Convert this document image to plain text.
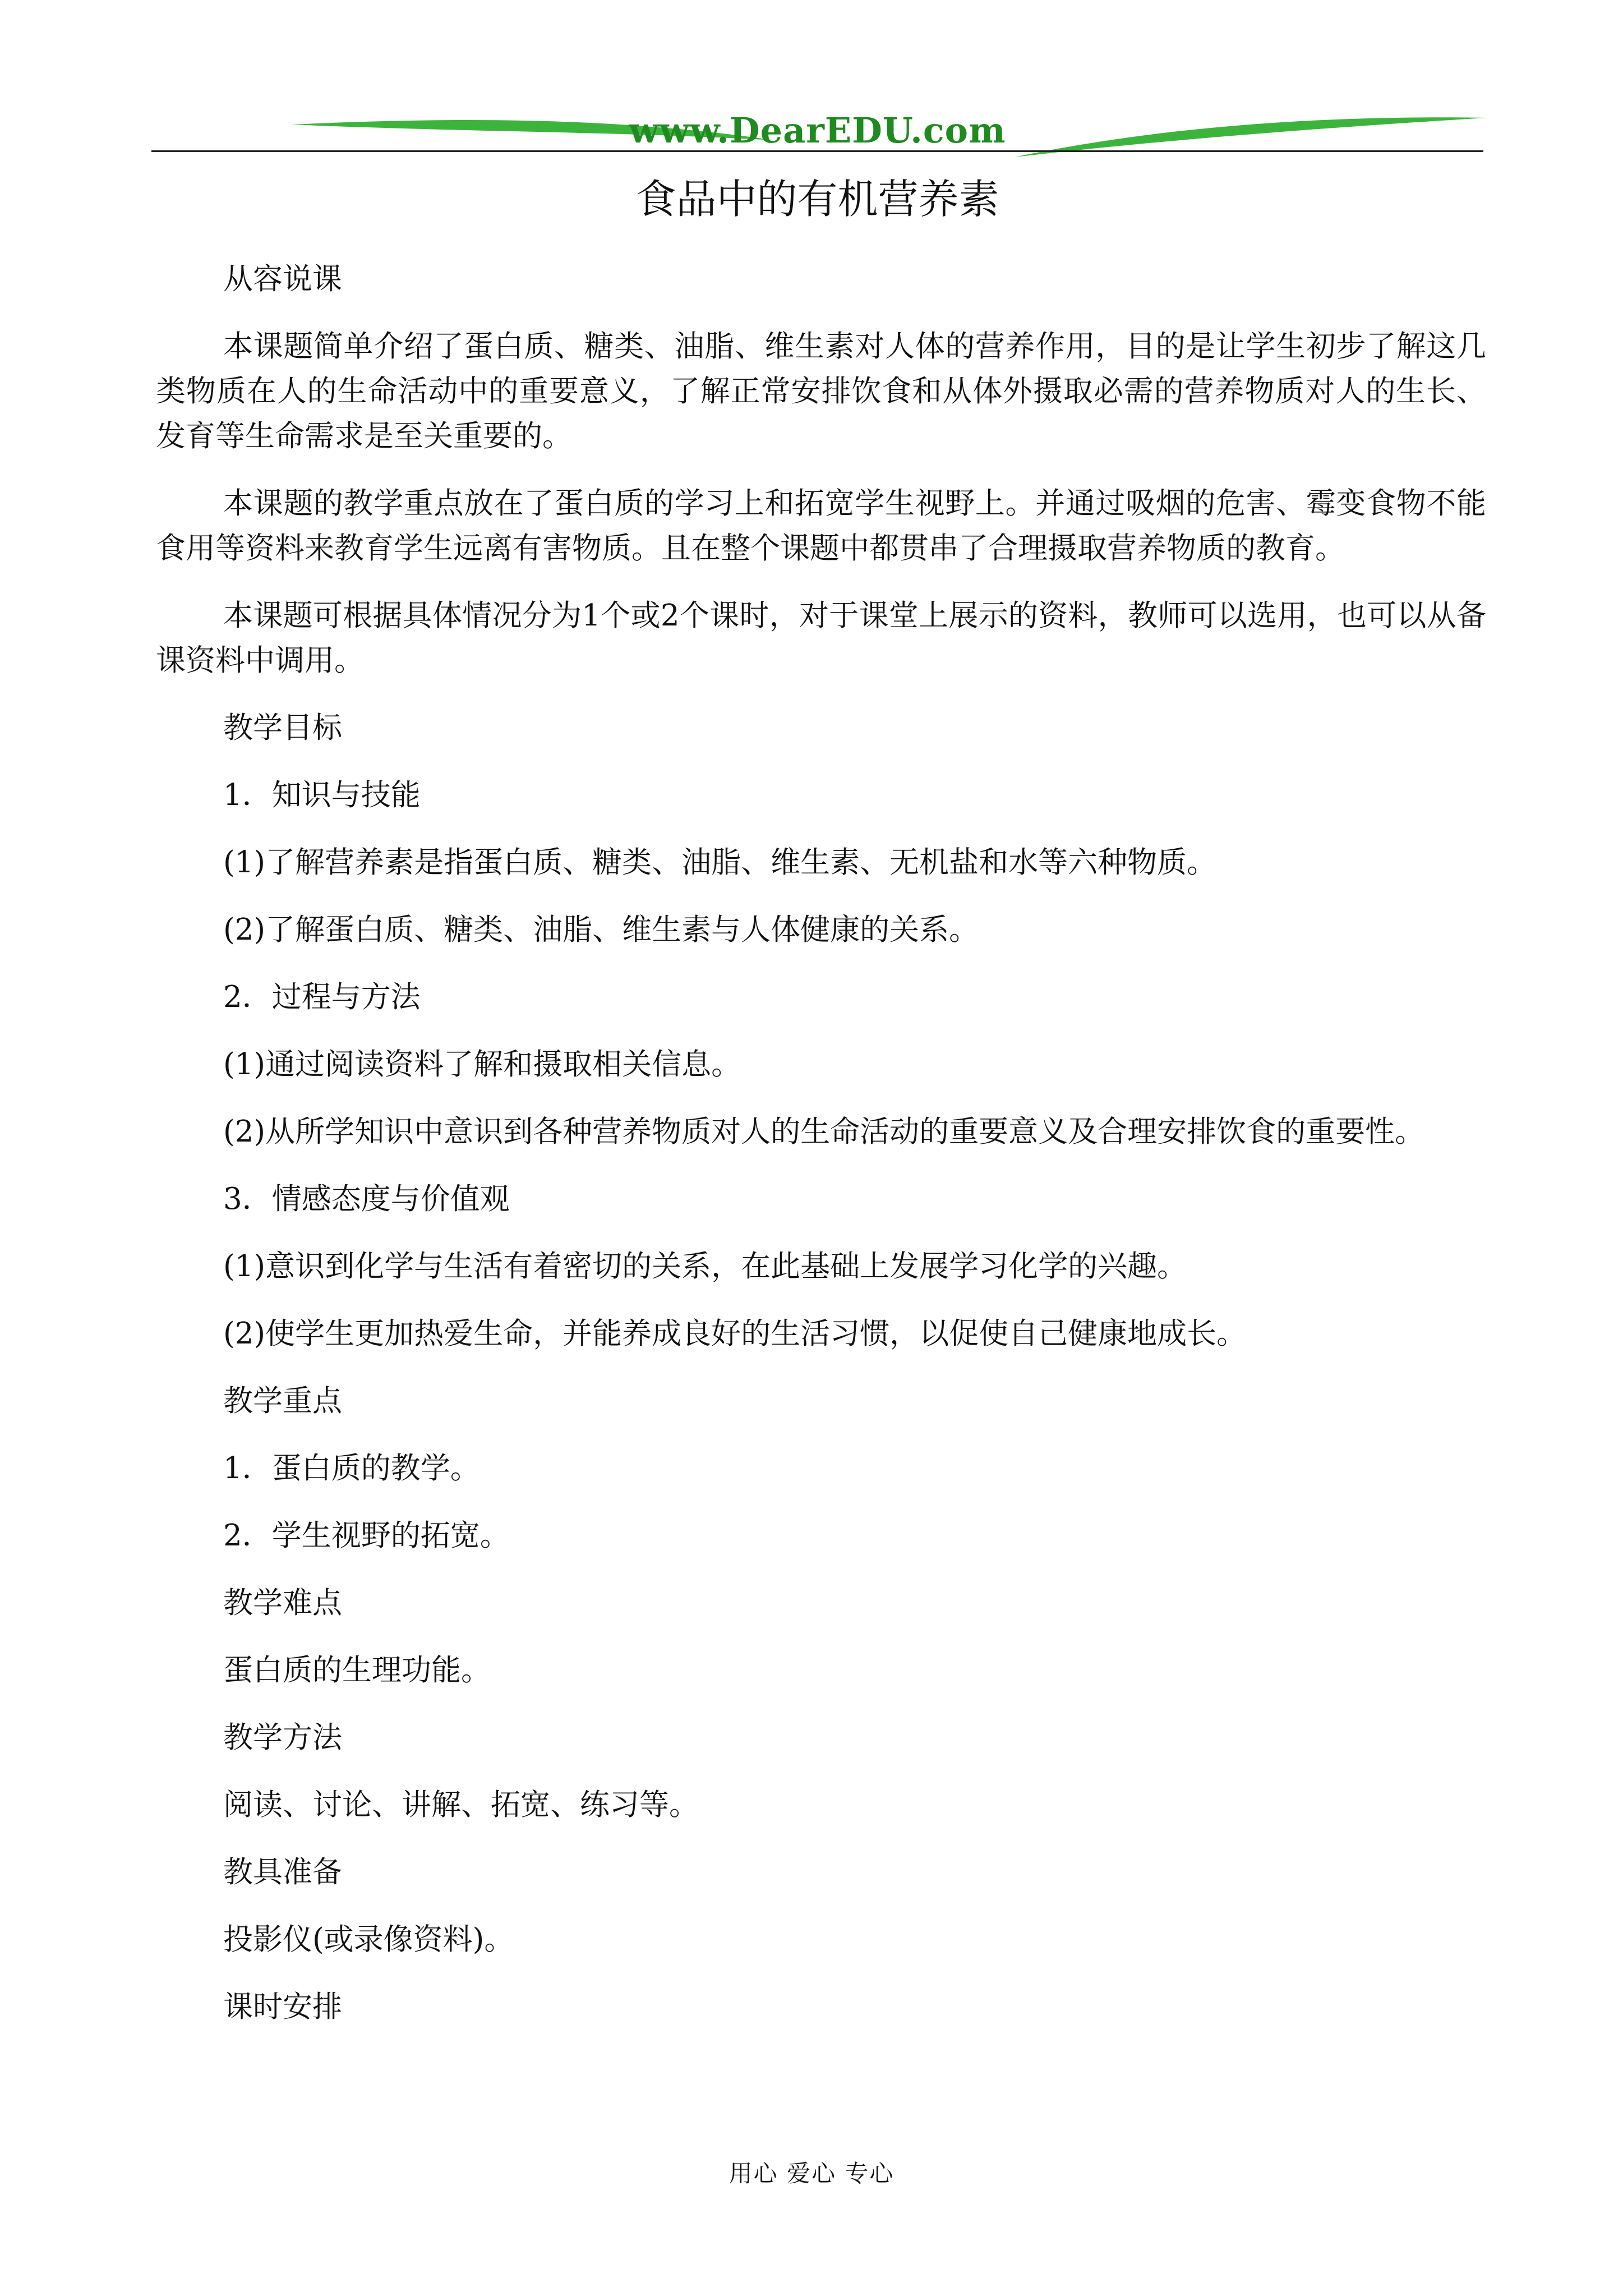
www.DearEDU.com
食品中的有机营养素

从容说课

本课题简单介绍了蛋白质、糖类、油脂、维生素对人体的营养作用，目的是让学生初步了解这几类物质在人的生命活动中的重要意义，了解正常安排饮食和从体外摄取必需的营养物质对人的生长、发育等生命需求是至关重要的。

本课题的教学重点放在了蛋白质的学习上和拓宽学生视野上。并通过吸烟的危害、霉变食物不能食用等资料来教育学生远离有害物质。且在整个课题中都贯串了合理摄取营养物质的教育。

本课题可根据具体情况分为1个或2个课时，对于课堂上展示的资料，教师可以选用，也可以从备课资料中调用。

教学目标

1．知识与技能

(1)了解营养素是指蛋白质、糖类、油脂、维生素、无机盐和水等六种物质。

(2)了解蛋白质、糖类、油脂、维生素与人体健康的关系。

2．过程与方法

(1)通过阅读资料了解和摄取相关信息。

(2)从所学知识中意识到各种营养物质对人的生命活动的重要意义及合理安排饮食的重要性。

3．情感态度与价值观

(1)意识到化学与生活有着密切的关系，在此基础上发展学习化学的兴趣。

(2)使学生更加热爱生命，并能养成良好的生活习惯，以促使自己健康地成长。

教学重点

1．蛋白质的教学。

2．学生视野的拓宽。

教学难点

蛋白质的生理功能。

教学方法

阅读、讨论、讲解、拓宽、练习等。

教具准备

投影仪(或录像资料)。

课时安排

用心 爱心 专心
